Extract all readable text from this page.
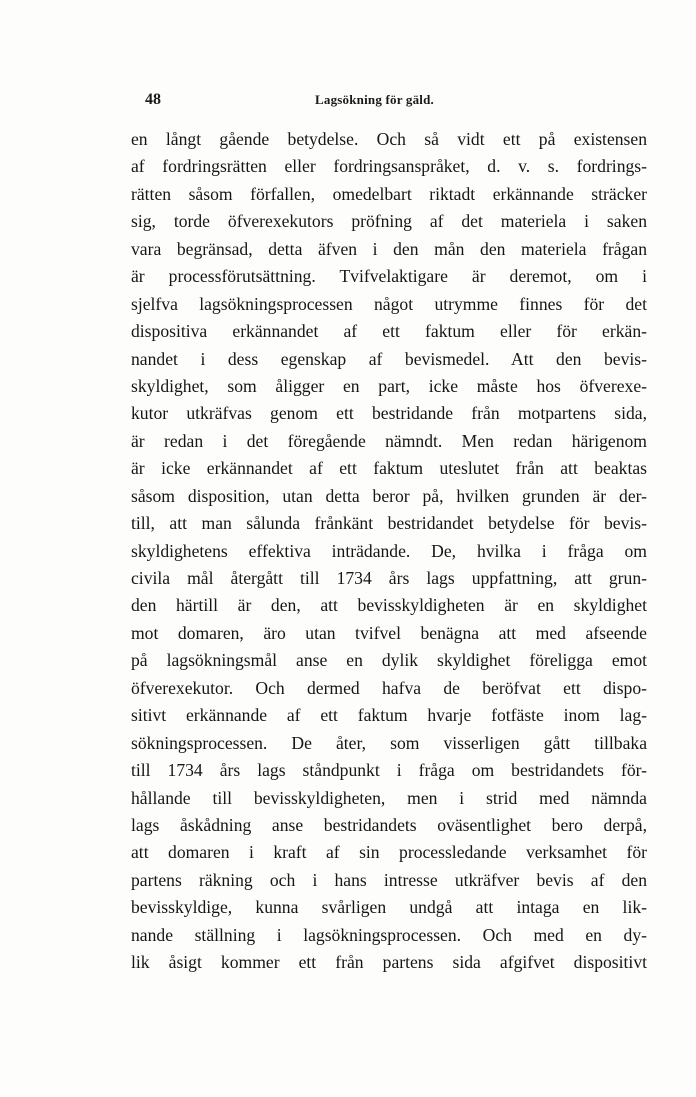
48	Lagsökning för gäld.
en långt gående betydelse. Och så vidt ett på existensen
af fordringsrätten eller fordringsanspråket, d. v. s. fordrings-
rätten såsom förfallen, omedelbart riktadt erkännande sträcker
sig, torde öfverexekutors pröfning af det materiela i saken
vara begränsad, detta äfven i den mån den materiela frågan
är processförutsättning. Tvifvelaktigare är deremot, om i
sjelfva lagsökningsprocessen något utrymme finnes för det
dispositiva erkännandet af ett faktum eller för erkän-
nandet i dess egenskap af bevismedel. Att den bevis-
skyldighet, som åligger en part, icke måste hos öfverexe-
kutor utkräfvas genom ett bestridande från motpartens sida,
är redan i det föregående nämndt. Men redan härigenom
är icke erkännandet af ett faktum uteslutet från att beaktas
såsom disposition, utan detta beror på, hvilken grunden är der-
till, att man sålunda frånkänt bestridandet betydelse för bevis-
skyldighetens effektiva inträdande. De, hvilka i fråga om
civila mål återgått till 1734 års lags uppfattning, att grun-
den härtill är den, att bevisskyldigheten är en skyldighet
mot domaren, äro utan tvifvel benägna att med afseende
på lagsökningsmål anse en dylik skyldighet föreligga emot
öfverexekutor. Och dermed hafva de beröfvat ett dispo-
sitivt erkännande af ett faktum hvarje fotfäste inom lag-
sökningsprocessen. De åter, som visserligen gått tillbaka
till 1734 års lags ståndpunkt i fråga om bestridandets för-
hållande till bevisskyldigheten, men i strid med nämnda
lags åskådning anse bestridandets oväsentlighet bero derpå,
att domaren i kraft af sin processledande verksamhet för
partens räkning och i hans intresse utkräfver bevis af den
bevisskyldige, kunna svårligen undgå att intaga en lik-
nande ställning i lagsökningsprocessen. Och med en dy-
lik åsigt kommer ett från partens sida afgifvet dispositivt
